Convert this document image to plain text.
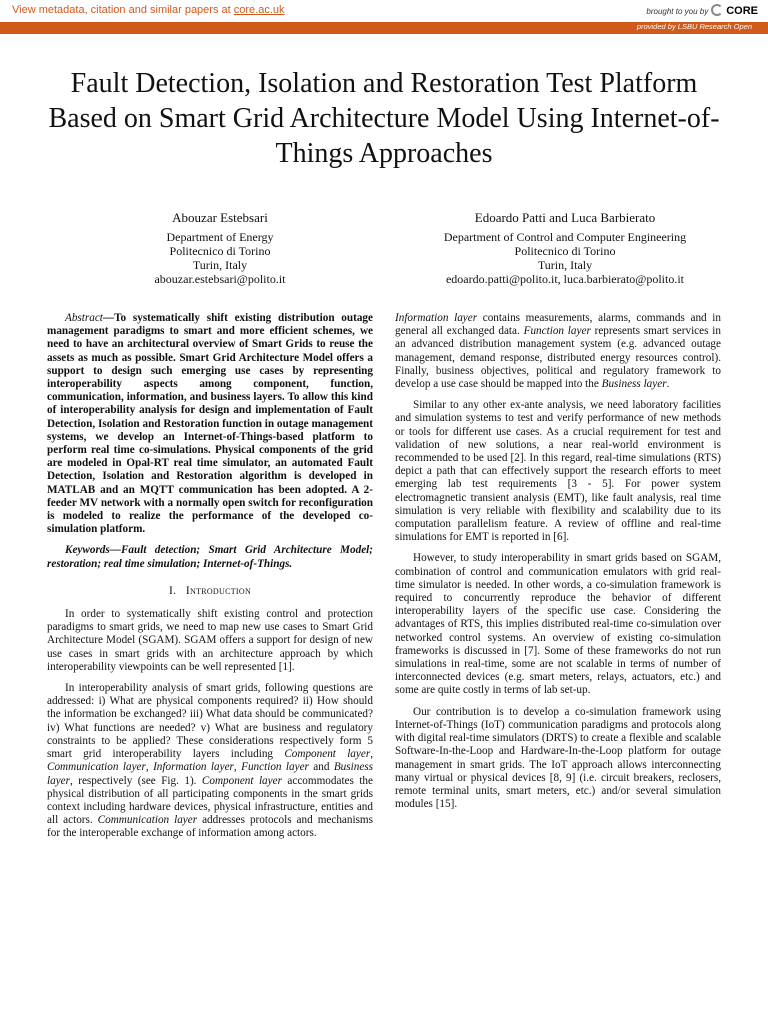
View metadata, citation and similar papers at core.ac.uk	brought to you by CORE
provided by LSBU Research Open
Fault Detection, Isolation and Restoration Test Platform Based on Smart Grid Architecture Model Using Internet-of-Things Approaches
Abouzar Estebsari
Department of Energy
Politecnico di Torino
Turin, Italy
abouzar.estebsari@polito.it
Edoardo Patti and Luca Barbierato
Department of Control and Computer Engineering
Politecnico di Torino
Turin, Italy
edoardo.patti@polito.it, luca.barbierato@polito.it

Abstract—To systematically shift existing distribution outage management paradigms to smart and more efficient schemes, we need to have an architectural overview of Smart Grids to reuse the assets as much as possible. Smart Grid Architecture Model offers a support to design such emerging use cases by representing interoperability aspects among component, function, communication, information, and business layers. To allow this kind of interoperability analysis for design and implementation of Fault Detection, Isolation and Restoration function in outage management systems, we develop an Internet-of-Things-based platform to perform real time co-simulations. Physical components of the grid are modeled in Opal-RT real time simulator, an automated Fault Detection, Isolation and Restoration algorithm is developed in MATLAB and an MQTT communication has been adopted. A 2-feeder MV network with a normally open switch for reconfiguration is modeled to realize the performance of the developed co-simulation platform.

Keywords—Fault detection; Smart Grid Architecture Model; restoration; real time simulation; Internet-of-Things.

I. Introduction

In order to systematically shift existing control and protection paradigms to smart grids, we need to map new use cases to Smart Grid Architecture Model (SGAM). SGAM offers a support for design of new use cases in smart grids with an architecture approach by which interoperability viewpoints can be well represented [1].

In interoperability analysis of smart grids, following questions are addressed: i) What are physical components required? ii) How should the information be exchanged? iii) What data should be communicated? iv) What functions are needed? v) What are business and regulatory constraints to be applied? These considerations respectively form 5 smart grid interoperability layers including Component layer, Communication layer, Information layer, Function layer and Business layer, respectively (see Fig. 1). Component layer accommodates the physical distribution of all participating components in the smart grids context including hardware devices, physical infrastructure, entities and all actors. Communication layer addresses protocols and mechanisms for the interoperable exchange of information among actors.

Information layer contains measurements, alarms, commands and in general all exchanged data. Function layer represents smart services in an advanced distribution management system (e.g. advanced outage management, demand response, distributed energy resources control). Finally, business objectives, political and regulatory framework to develop a use case should be mapped into the Business layer.

Similar to any other ex-ante analysis, we need laboratory facilities and simulation systems to test and verify performance of new methods or tools for different use cases. As a crucial requirement for test and validation of new solutions, a near real-world environment is recommended to be used [2]. In this regard, real-time simulations (RTS) depict a path that can effectively support the research efforts to meet emerging lab test requirements [3 - 5]. For power system electromagnetic transient analysis (EMT), like fault analysis, real time simulation is very reliable with flexibility and scalability due to its computation parallelism feature. A review of offline and real-time simulations for EMT is reported in [6].

However, to study interoperability in smart grids based on SGAM, combination of control and communication emulators with grid real-time simulator is needed. In other words, a co-simulation framework is required to concurrently reproduce the behavior of different interoperability layers of the specific use case. Considering the advantages of RTS, this implies distributed real-time co-simulation over networked control systems. An overview of existing co-simulation frameworks is discussed in [7]. Some of these frameworks do not run simulations in real-time, some are not scalable in terms of number of interconnected devices (e.g. smart meters, relays, actuators, etc.) and some are quite costly in terms of lab set-up.

Our contribution is to develop a co-simulation framework using Internet-of-Things (IoT) communication paradigms and protocols along with digital real-time simulators (DRTS) to create a flexible and scalable Software-In-the-Loop and Hardware-In-the-Loop platform for outage management in smart grids. The IoT approach allows interconnecting many virtual or physical devices [8, 9] (i.e. circuit breakers, reclosers, remote terminal units, smart meters, etc.) and/or several simulation modules [15].
